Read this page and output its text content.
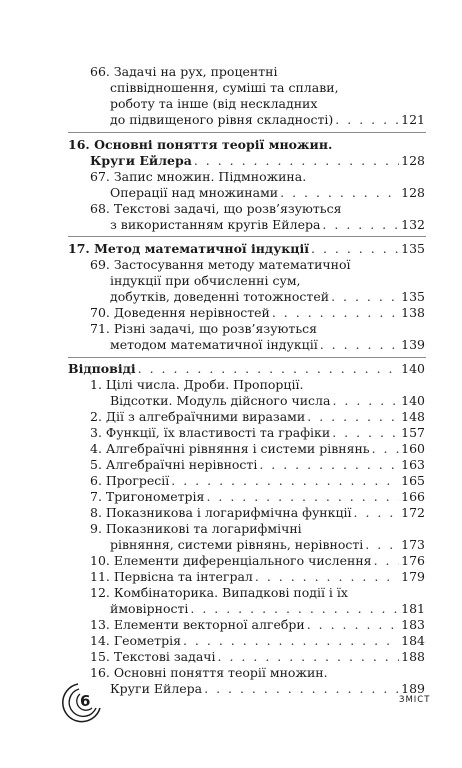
66. Задачі на рух, процентні
співвідношення, суміші та сплави,
роботу та інше (від нескладних
до підвищеного рівня складності) . . .	121
16. Основні поняття теорії множин.
Круги Ейлера . . .	128
67. Запис множин. Підмножина.
Операції над множинами . . .	128
68. Текстові задачі, що розв’язуються
з використанням кругів Ейлера . . .	132
17. Метод математичної індукції . . .	135
69. Застосування методу математичної
індукції при обчисленні сум,
добутків, доведенні тотожностей . . .	135
70. Доведення нерівностей . . .	138
71. Різні задачі, що розв’язуються
методом математичної індукції . . .	139
Відповіді . . .	140
1. Цілі числа. Дроби. Пропорції.
Відсотки. Модуль дійсного числа . . .	140
2. Дії з алгебраїчними виразами . . .	148
3. Функції, їх властивості та графіки . . .	157
4. Алгебраїчні рівняння і системи рівнянь . . .	160
5. Алгебраїчні нерівності . . .	163
6. Прогресії . . .	165
7. Тригонометрія . . .	166
8. Показникова і логарифмічна функції . . .	172
9. Показникові та логарифмічні
рівняння, системи рівнянь, нерівності . . .	173
10. Елементи диференціального числення . . . 176
11. Первісна та інтеграл . . .	179
12. Комбінаторика. Випадкові події і їх
ймовірності . . .	181
13. Елементи векторної алгебри . . .	183
14. Геометрія . . .	184
15. Текстові задачі . . .	188
16. Основні поняття теорії множин.
Круги Ейлера . . .	189
6	ЗМІСТ
